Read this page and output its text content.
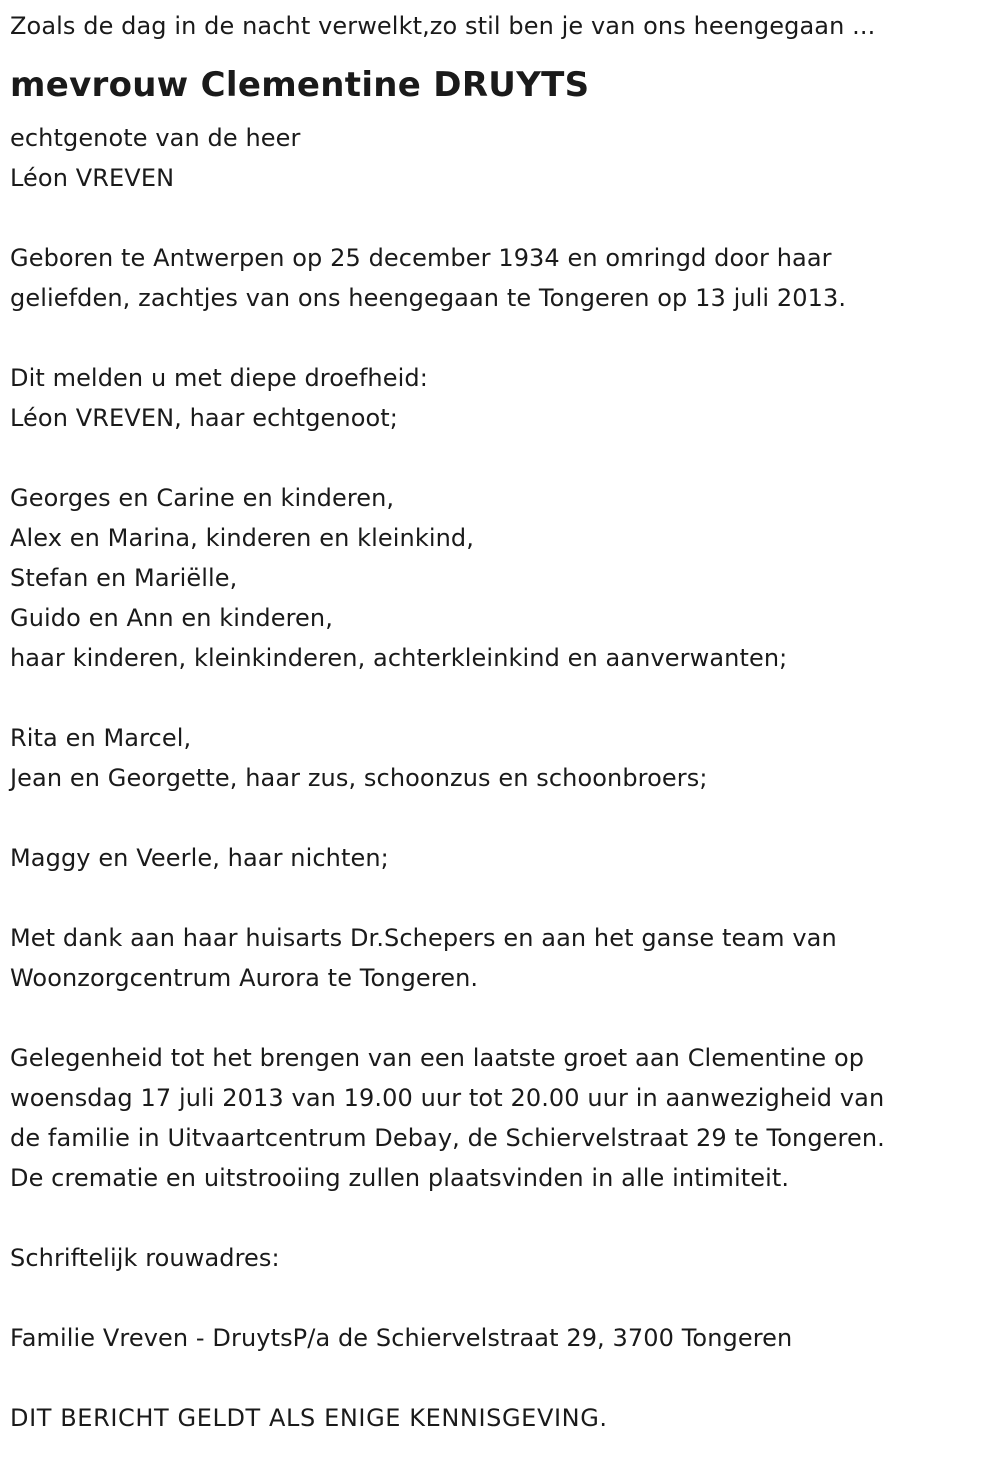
Zoals de dag in de nacht verwelkt,zo stil ben je van ons heengegaan ...
mevrouw Clementine DRUYTS
echtgenote van de heer
Léon VREVEN
Geboren te Antwerpen op 25 december 1934 en omringd door haar
geliefden, zachtjes van ons heengegaan te Tongeren op 13 juli 2013.
Dit melden u met diepe droefheid:
Léon VREVEN, haar echtgenoot;
Georges en Carine en kinderen,
Alex en Marina, kinderen en kleinkind,
Stefan en Mariëlle,
Guido en Ann en kinderen,
haar kinderen, kleinkinderen, achterkleinkind en aanverwanten;
Rita en Marcel,
Jean en Georgette, haar zus, schoonzus en schoonbroers;
Maggy en Veerle, haar nichten;
Met dank aan haar huisarts Dr.Schepers en aan het ganse team van
Woonzorgcentrum Aurora te Tongeren.
Gelegenheid tot het brengen van een laatste groet aan Clementine op
woensdag 17 juli 2013 van 19.00 uur tot 20.00 uur in aanwezigheid van
de familie in Uitvaartcentrum Debay, de Schiervelstraat 29 te Tongeren.
De crematie en uitstrooiing zullen plaatsvinden in alle intimiteit.
Schriftelijk rouwadres:
Familie Vreven - DruytsP/a de Schiervelstraat 29, 3700 Tongeren
DIT BERICHT GELDT ALS ENIGE KENNISGEVING.
